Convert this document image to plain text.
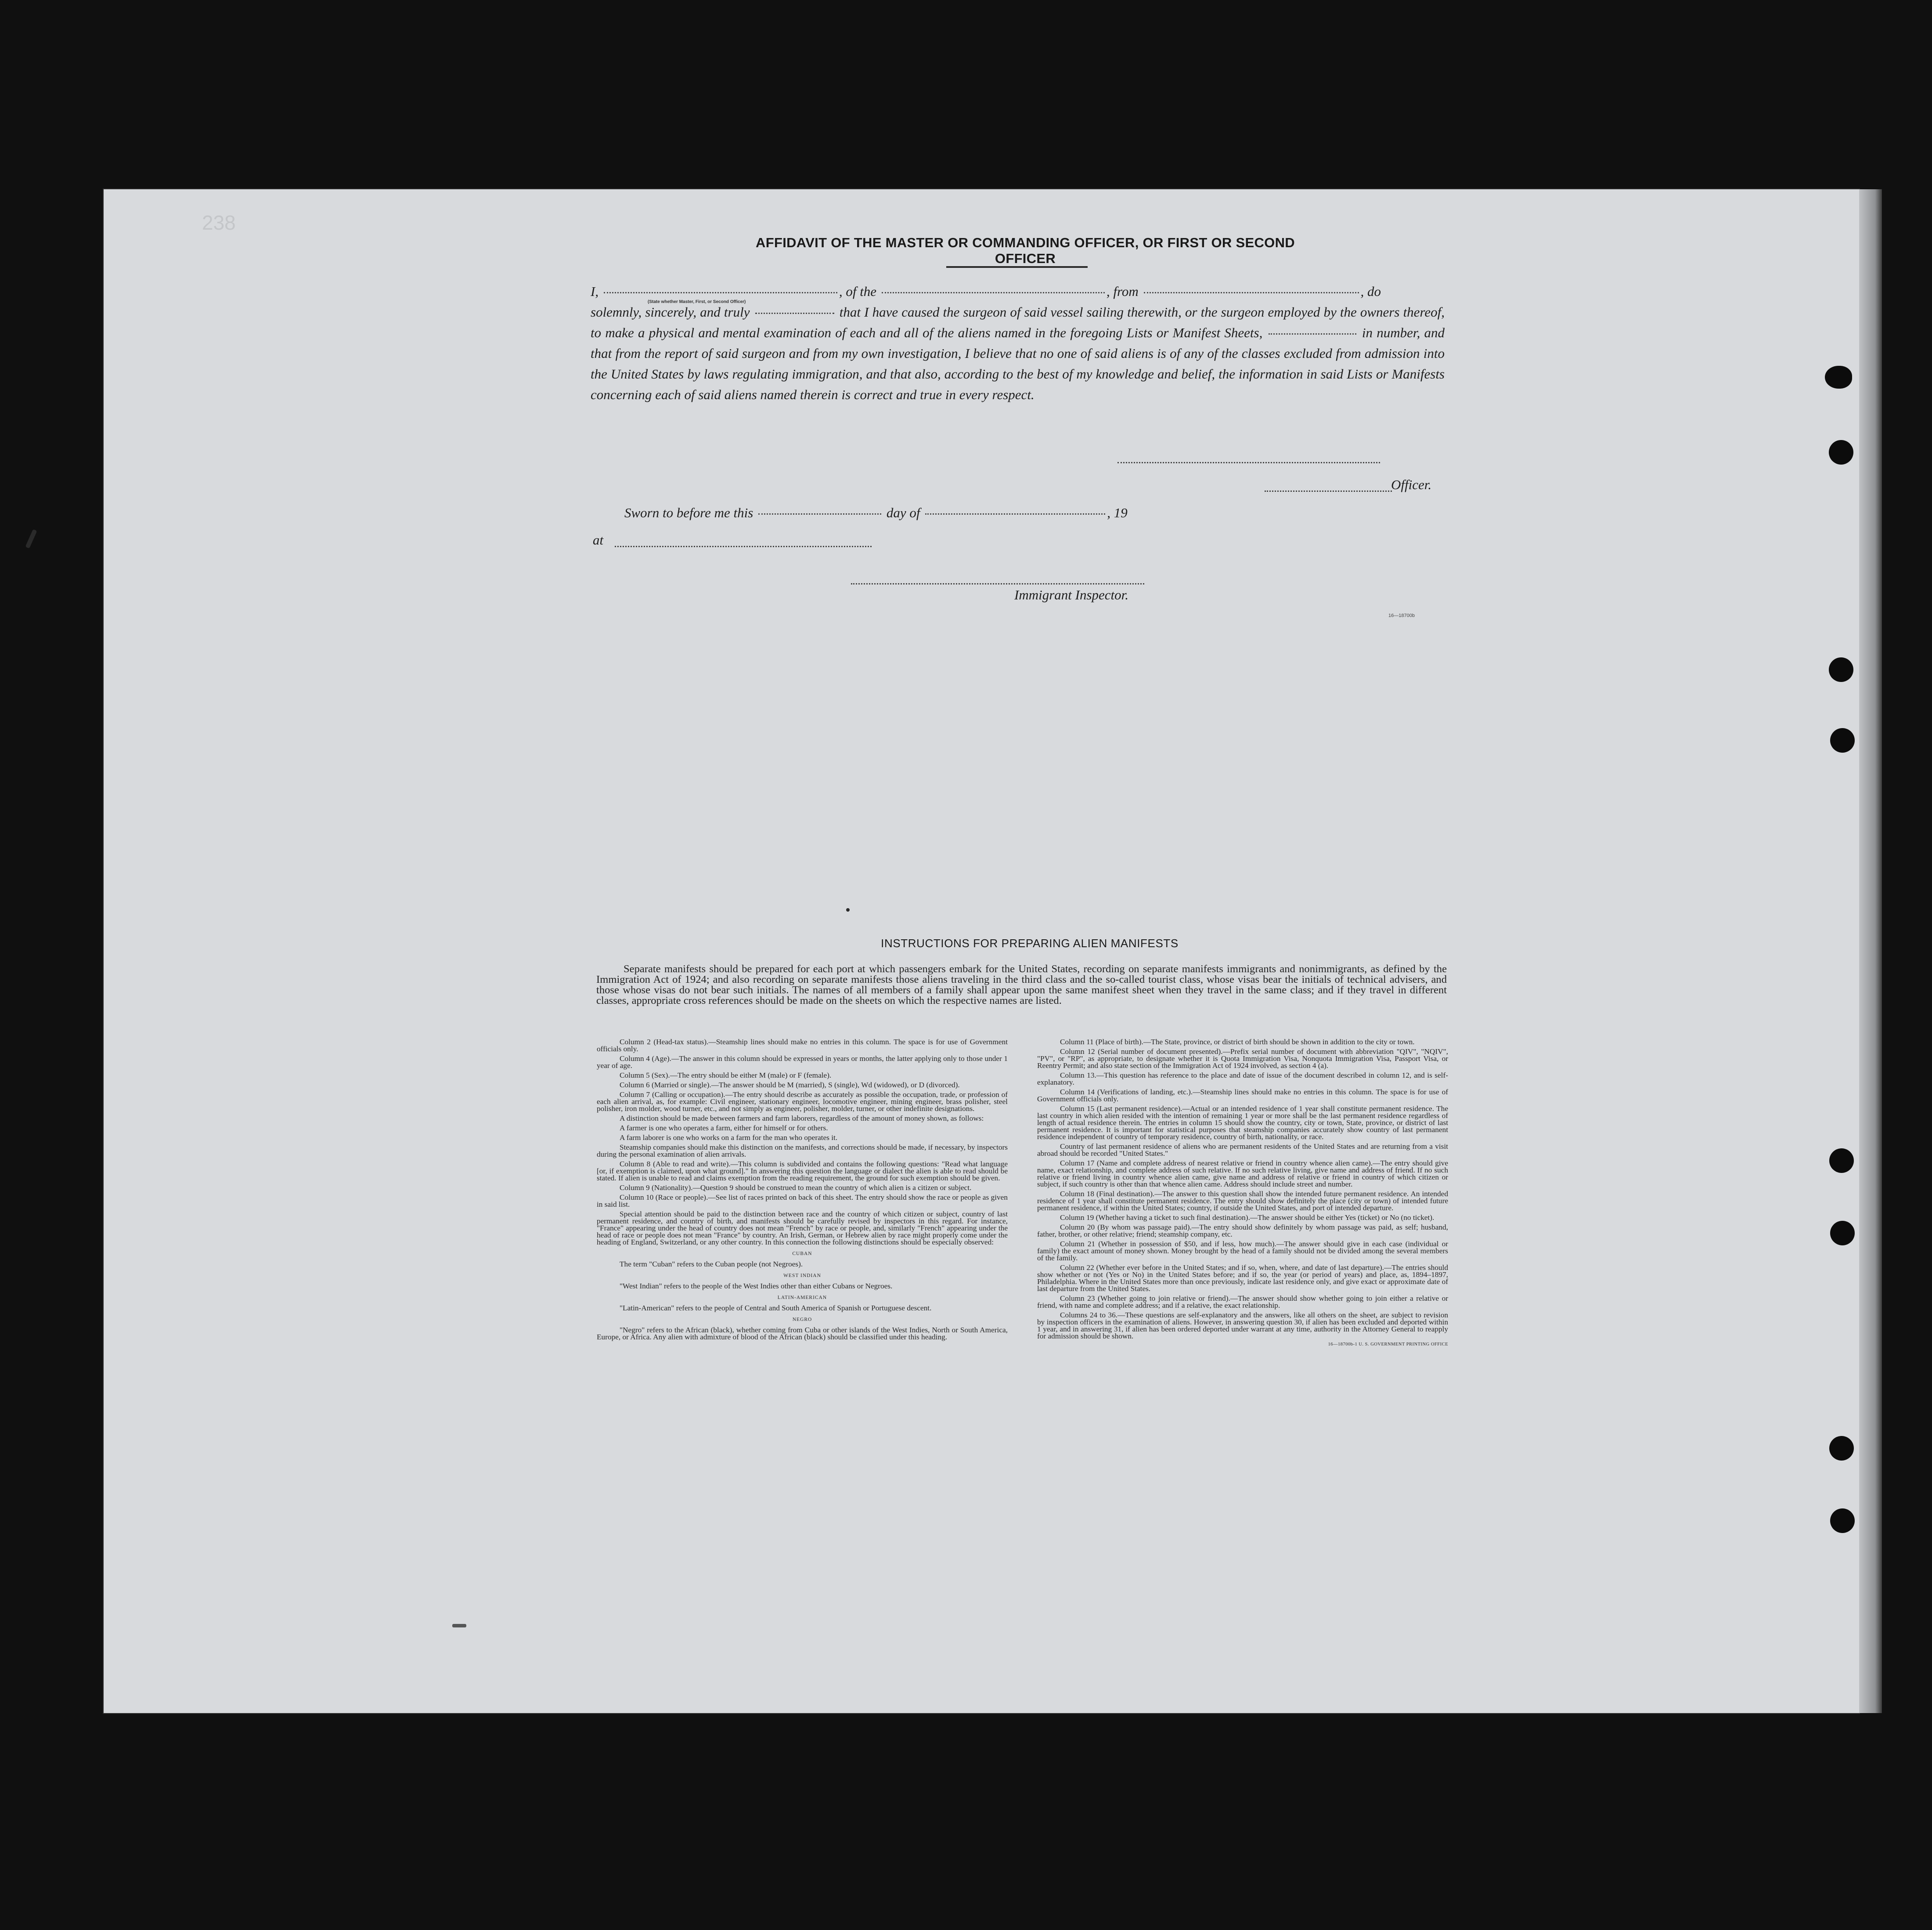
238
AFFIDAVIT OF THE MASTER OR COMMANDING OFFICER, OR FIRST OR SECOND OFFICER

I,	, of the	, from	, do

solemnly, sincerely, and truly	that I have caused the surgeon of said vessel sailing therewith, or the surgeon employed by the owners thereof, to make a physical and mental examination of each and all of the aliens named in the foregoing Lists or Manifest Sheets,	in number, and that from the report of said surgeon and from my own investigation, I believe that no one of said aliens is of any of the classes excluded from admission into the United States by laws regulating immigration, and that also, according to the best of my knowledge and belief, the information in said Lists or Manifests concerning each of said aliens named therein is correct and true in every respect.

(State whether Master, First, or Second Officer)
Officer.
Sworn to before me this	day of	, 19
at
Immigrant Inspector.
16—18700b
INSTRUCTIONS FOR PREPARING ALIEN MANIFESTS

Separate manifests should be prepared for each port at which passengers embark for the United States, recording on separate manifests immigrants and nonimmigrants, as defined by the Immigration Act of 1924; and also recording on separate manifests those aliens traveling in the third class and the so-called tourist class, whose visas bear the initials of technical advisers, and those whose visas do not bear such initials. The names of all members of a family shall appear upon the same manifest sheet when they travel in the same class; and if they travel in different classes, appropriate cross references should be made on the sheets on which the respective names are listed.

Column 2 (Head-tax status).—Steamship lines should make no entries in this column. The space is for use of Government officials only.

Column 4 (Age).—The answer in this column should be expressed in years or months, the latter applying only to those under 1 year of age.

Column 5 (Sex).—The entry should be either M (male) or F (female).

Column 6 (Married or single).—The answer should be M (married), S (single), Wd (widowed), or D (divorced).

Column 7 (Calling or occupation).—The entry should describe as accurately as possible the occupation, trade, or profession of each alien arrival, as, for example: Civil engineer, stationary engineer, locomotive engineer, mining engineer, brass polisher, steel polisher, iron molder, wood turner, etc., and not simply as engineer, polisher, molder, turner, or other indefinite designations.

A distinction should be made between farmers and farm laborers, regardless of the amount of money shown, as follows:

A farmer is one who operates a farm, either for himself or for others.

A farm laborer is one who works on a farm for the man who operates it.

Steamship companies should make this distinction on the manifests, and corrections should be made, if necessary, by inspectors during the personal examination of alien arrivals.

Column 8 (Able to read and write).—This column is subdivided and contains the following questions: "Read what language [or, if exemption is claimed, upon what ground]." In answering this question the language or dialect the alien is able to read should be stated. If alien is unable to read and claims exemption from the reading requirement, the ground for such exemption should be given.

Column 9 (Nationality).—Question 9 should be construed to mean the country of which alien is a citizen or subject.

Column 10 (Race or people).—See list of races printed on back of this sheet. The entry should show the race or people as given in said list.

Special attention should be paid to the distinction between race and the country of which citizen or subject, country of last permanent residence, and country of birth, and manifests should be carefully revised by inspectors in this regard. For instance, "France" appearing under the head of country does not mean "French" by race or people, and, similarly "French" appearing under the head of race or people does not mean "France" by country. An Irish, German, or Hebrew alien by race might properly come under the heading of England, Switzerland, or any other country. In this connection the following distinctions should be especially observed:

CUBAN

The term "Cuban" refers to the Cuban people (not Negroes).

WEST INDIAN

"West Indian" refers to the people of the West Indies other than either Cubans or Negroes.

LATIN-AMERICAN

"Latin-American" refers to the people of Central and South America of Spanish or Portuguese descent.

NEGRO

"Negro" refers to the African (black), whether coming from Cuba or other islands of the West Indies, North or South America, Europe, or Africa. Any alien with admixture of blood of the African (black) should be classified under this heading.

Column 11 (Place of birth).—The State, province, or district of birth should be shown in addition to the city or town.

Column 12 (Serial number of document presented).—Prefix serial number of document with abbreviation "QIV", "NQIV", "PV", or "RP", as appropriate, to designate whether it is Quota Immigration Visa, Nonquota Immigration Visa, Passport Visa, or Reentry Permit; and also state section of the Immigration Act of 1924 involved, as section 4 (a).

Column 13.—This question has reference to the place and date of issue of the document described in column 12, and is self-explanatory.

Column 14 (Verifications of landing, etc.).—Steamship lines should make no entries in this column. The space is for use of Government officials only.

Column 15 (Last permanent residence).—Actual or an intended residence of 1 year shall constitute permanent residence. The last country in which alien resided with the intention of remaining 1 year or more shall be the last permanent residence regardless of length of actual residence therein. The entries in column 15 should show the country, city or town, State, province, or district of last permanent residence. It is important for statistical purposes that steamship companies accurately show country of last permanent residence independent of country of temporary residence, country of birth, nationality, or race.

Country of last permanent residence of aliens who are permanent residents of the United States and are returning from a visit abroad should be recorded "United States."

Column 17 (Name and complete address of nearest relative or friend in country whence alien came).—The entry should give name, exact relationship, and complete address of such relative. If no such relative living, give name and address of friend. If no such relative or friend living in country whence alien came, give name and address of relative or friend in country of which citizen or subject, if such country is other than that whence alien came. Address should include street and number.

Column 18 (Final destination).—The answer to this question shall show the intended future permanent residence. An intended residence of 1 year shall constitute permanent residence. The entry should show definitely the place (city or town) of intended future permanent residence, if within the United States; country, if outside the United States, and port of intended departure.

Column 19 (Whether having a ticket to such final destination).—The answer should be either Yes (ticket) or No (no ticket).

Column 20 (By whom was passage paid).—The entry should show definitely by whom passage was paid, as self; husband, father, brother, or other relative; friend; steamship company, etc.

Column 21 (Whether in possession of $50, and if less, how much).—The answer should give in each case (individual or family) the exact amount of money shown. Money brought by the head of a family should not be divided among the several members of the family.

Column 22 (Whether ever before in the United States; and if so, when, where, and date of last departure).—The entries should show whether or not (Yes or No) in the United States before; and if so, the year (or period of years) and place, as, 1894–1897, Philadelphia. Where in the United States more than once previously, indicate last residence only, and give exact or approximate date of last departure from the United States.

Column 23 (Whether going to join relative or friend).—The answer should show whether going to join either a relative or friend, with name and complete address; and if a relative, the exact relationship.

Columns 24 to 36.—These questions are self-explanatory and the answers, like all others on the sheet, are subject to revision by inspection officers in the examination of aliens. However, in answering question 30, if alien has been excluded and deported within 1 year, and in answering 31, if alien has been ordered deported under warrant at any time, authority in the Attorney General to reapply for admission should be shown.

16—18700b-1 U. S. GOVERNMENT PRINTING OFFICE
